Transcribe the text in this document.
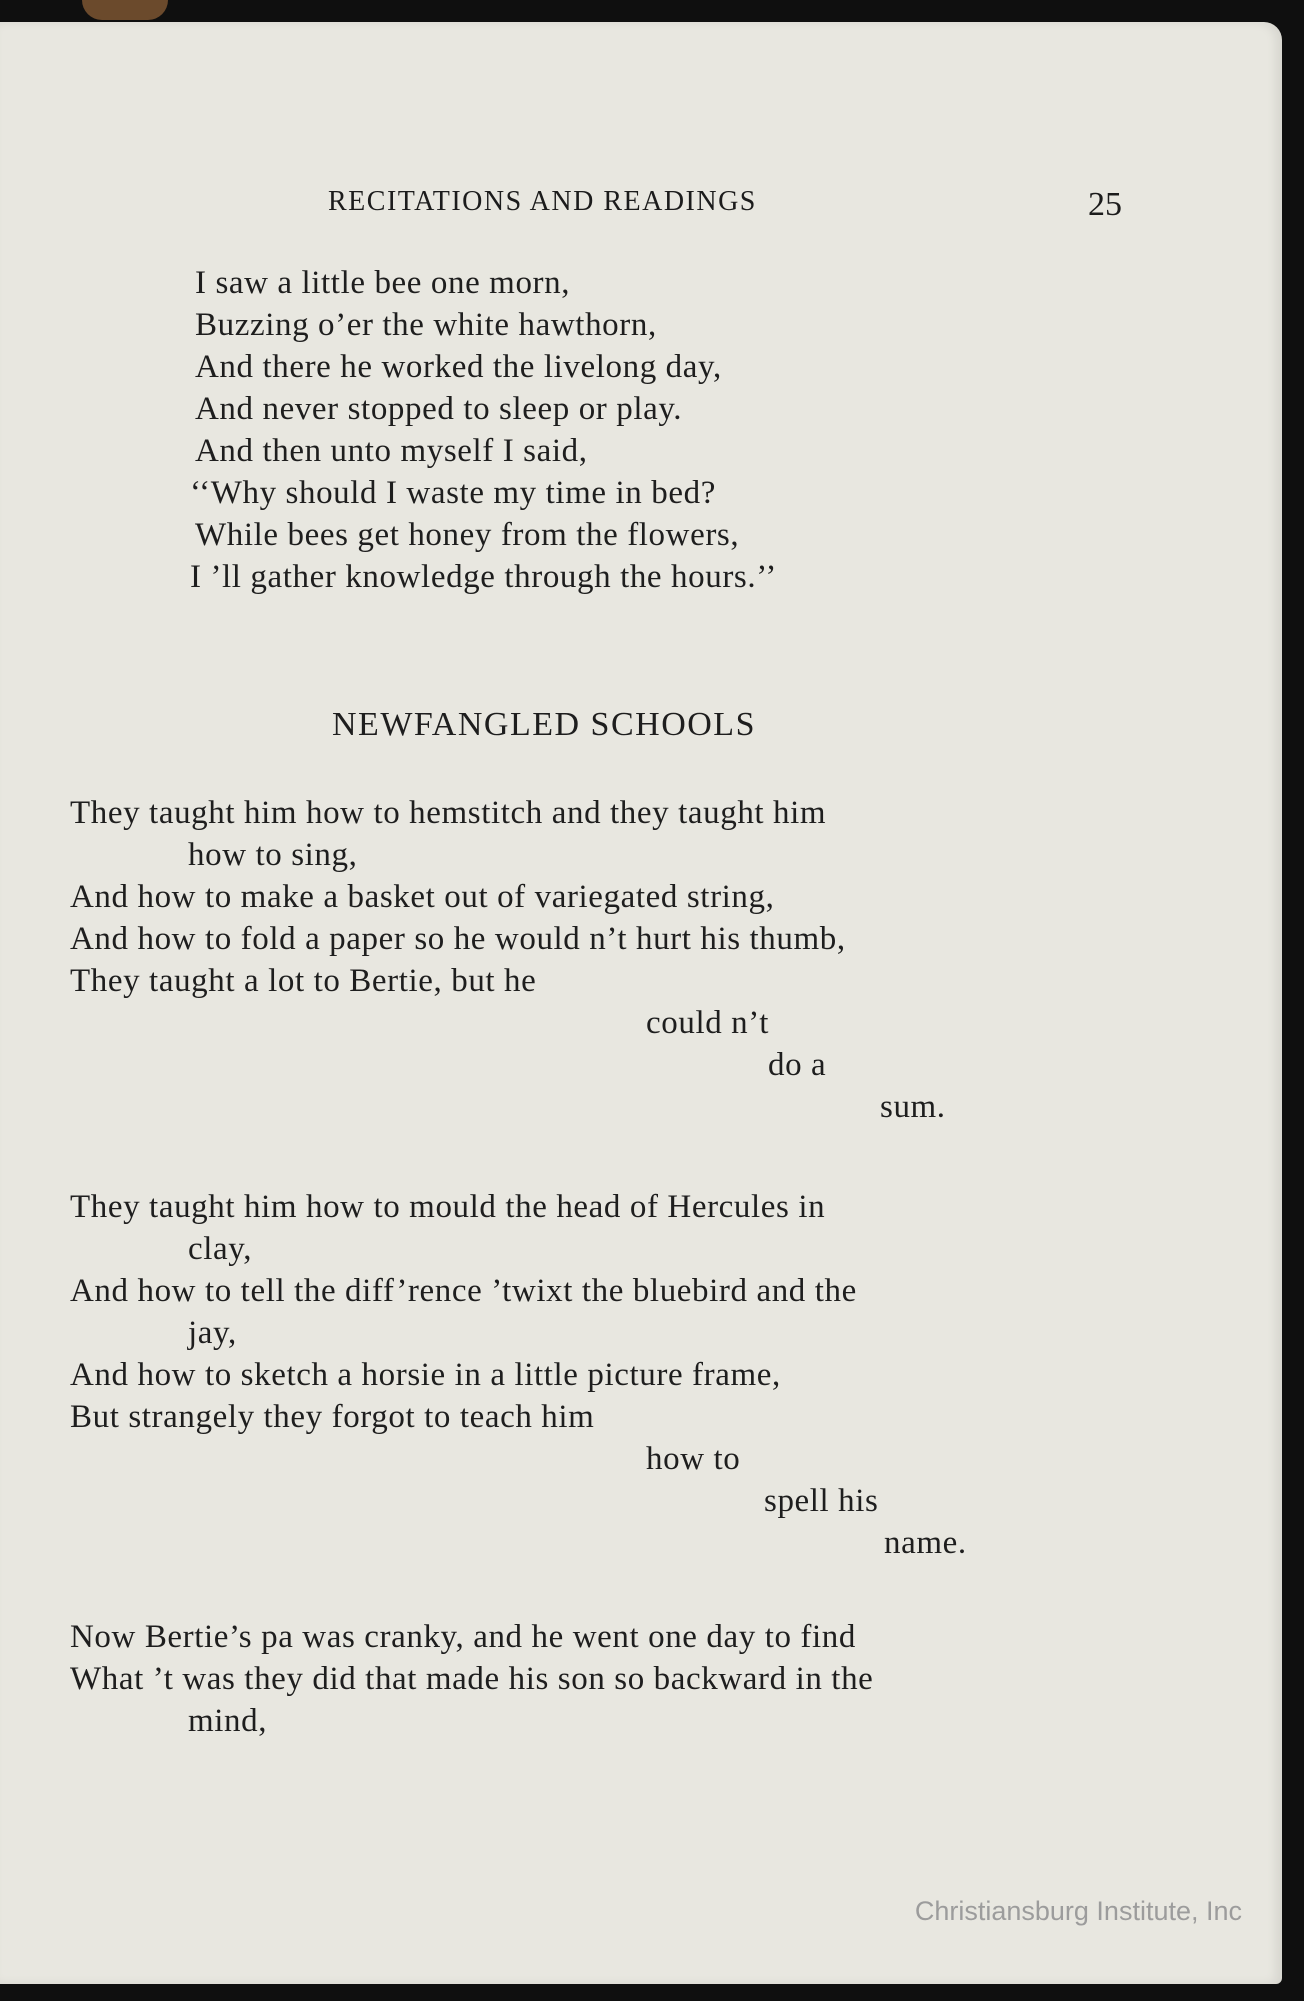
RECITATIONS AND READINGS	25
I saw a little bee one morn,
Buzzing o’er the white hawthorn,
And there he worked the livelong day,
And never stopped to sleep or play.
And then unto myself I said,
‘‘Why should I waste my time in bed?
While bees get honey from the flowers,
I ’ll gather knowledge through the hours.’’
NEWFANGLED SCHOOLS
They taught him how to hemstitch and they taught him
how to sing,
And how to make a basket out of variegated string,
And how to fold a paper so he would n’t hurt his thumb,
They taught a lot to Bertie, but he
could n’t
do a
sum.
They taught him how to mould the head of Hercules in
clay,
And how to tell the diff’rence ’twixt the bluebird and the
jay,
And how to sketch a horsie in a little picture frame,
But strangely they forgot to teach him
how to
spell his
name.
Now Bertie’s pa was cranky, and he went one day to find
What ’t was they did that made his son so backward in the
mind,
Christiansburg Institute, Inc
